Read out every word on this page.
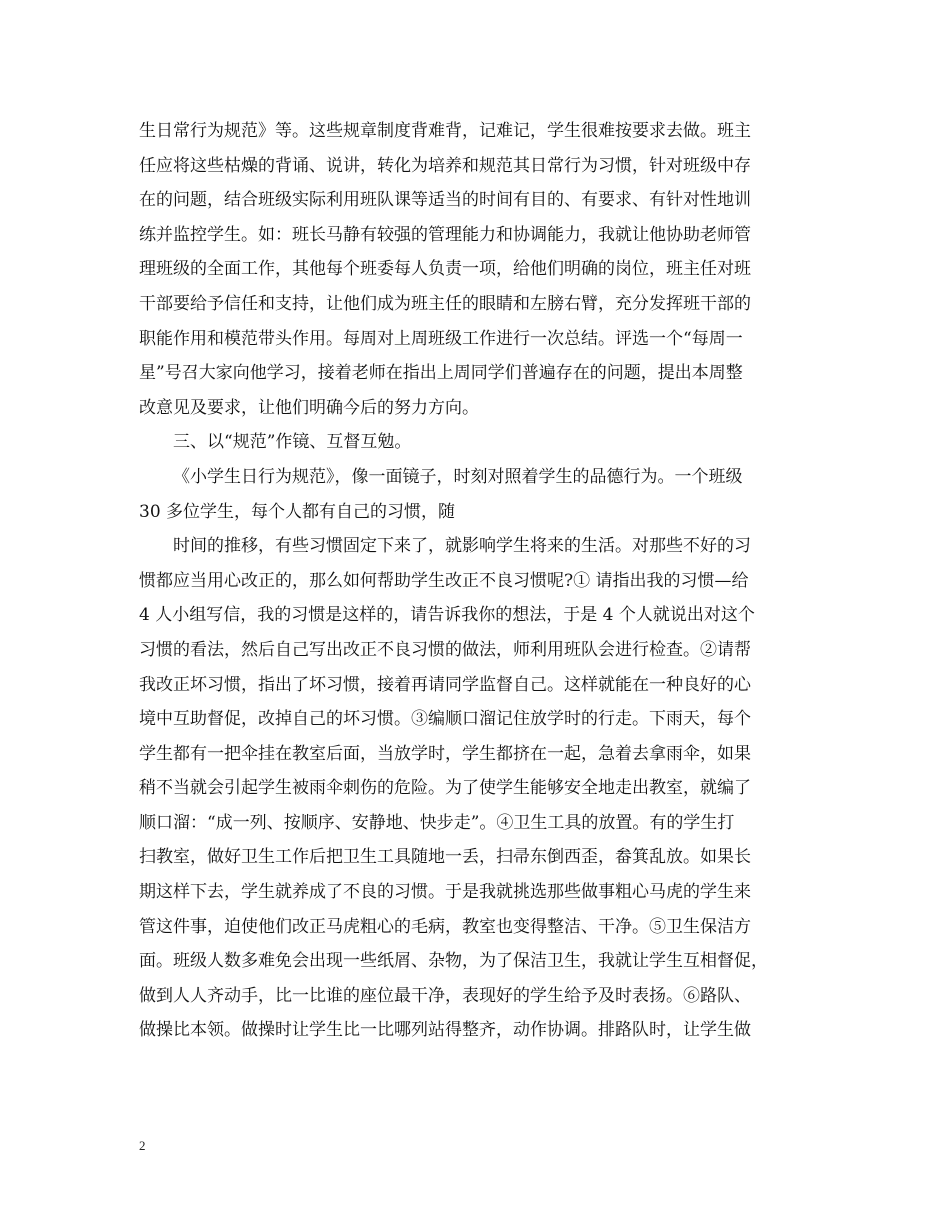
生日常行为规范》等。这些规章制度背难背，记难记，学生很难按要求去做。班主
任应将这些枯燥的背诵、说讲，转化为培养和规范其日常行为习惯，针对班级中存
在的问题，结合班级实际利用班队课等适当的时间有目的、有要求、有针对性地训
练并监控学生。如：班长马静有较强的管理能力和协调能力，我就让他协助老师管
理班级的全面工作，其他每个班委每人负责一项，给他们明确的岗位，班主任对班
干部要给予信任和支持，让他们成为班主任的眼睛和左膀右臂，充分发挥班干部的
职能作用和模范带头作用。每周对上周班级工作进行一次总结。评选一个“每周一
星”号召大家向他学习，接着老师在指出上周同学们普遍存在的问题，提出本周整
改意见及要求，让他们明确今后的努力方向。
三、以“规范”作镜、互督互勉。
《小学生日行为规范》，像一面镜子，时刻对照着学生的品德行为。一个班级
30 多位学生，每个人都有自己的习惯，随
时间的推移，有些习惯固定下来了，就影响学生将来的生活。对那些不好的习
惯都应当用心改正的，那么如何帮助学生改正不良习惯呢?① 请指出我的习惯—给
4 人小组写信，我的习惯是这样的，请告诉我你的想法，于是 4 个人就说出对这个
习惯的看法，然后自己写出改正不良习惯的做法，师利用班队会进行检查。②请帮
我改正坏习惯，指出了坏习惯，接着再请同学监督自己。这样就能在一种良好的心
境中互助督促，改掉自己的坏习惯。③编顺口溜记住放学时的行走。下雨天，每个
学生都有一把伞挂在教室后面，当放学时，学生都挤在一起，急着去拿雨伞，如果
稍不当就会引起学生被雨伞刺伤的危险。为了使学生能够安全地走出教室，就编了
顺口溜：“成一列、按顺序、安静地、快步走”。④卫生工具的放置。有的学生打
扫教室，做好卫生工作后把卫生工具随地一丢，扫帚东倒西歪，畚箕乱放。如果长
期这样下去，学生就养成了不良的习惯。于是我就挑选那些做事粗心马虎的学生来
管这件事，迫使他们改正马虎粗心的毛病，教室也变得整洁、干净。⑤卫生保洁方
面。班级人数多难免会出现一些纸屑、杂物，为了保洁卫生，我就让学生互相督促，
做到人人齐动手，比一比谁的座位最干净，表现好的学生给予及时表扬。⑥路队、
做操比本领。做操时让学生比一比哪列站得整齐，动作协调。排路队时，让学生做
2
